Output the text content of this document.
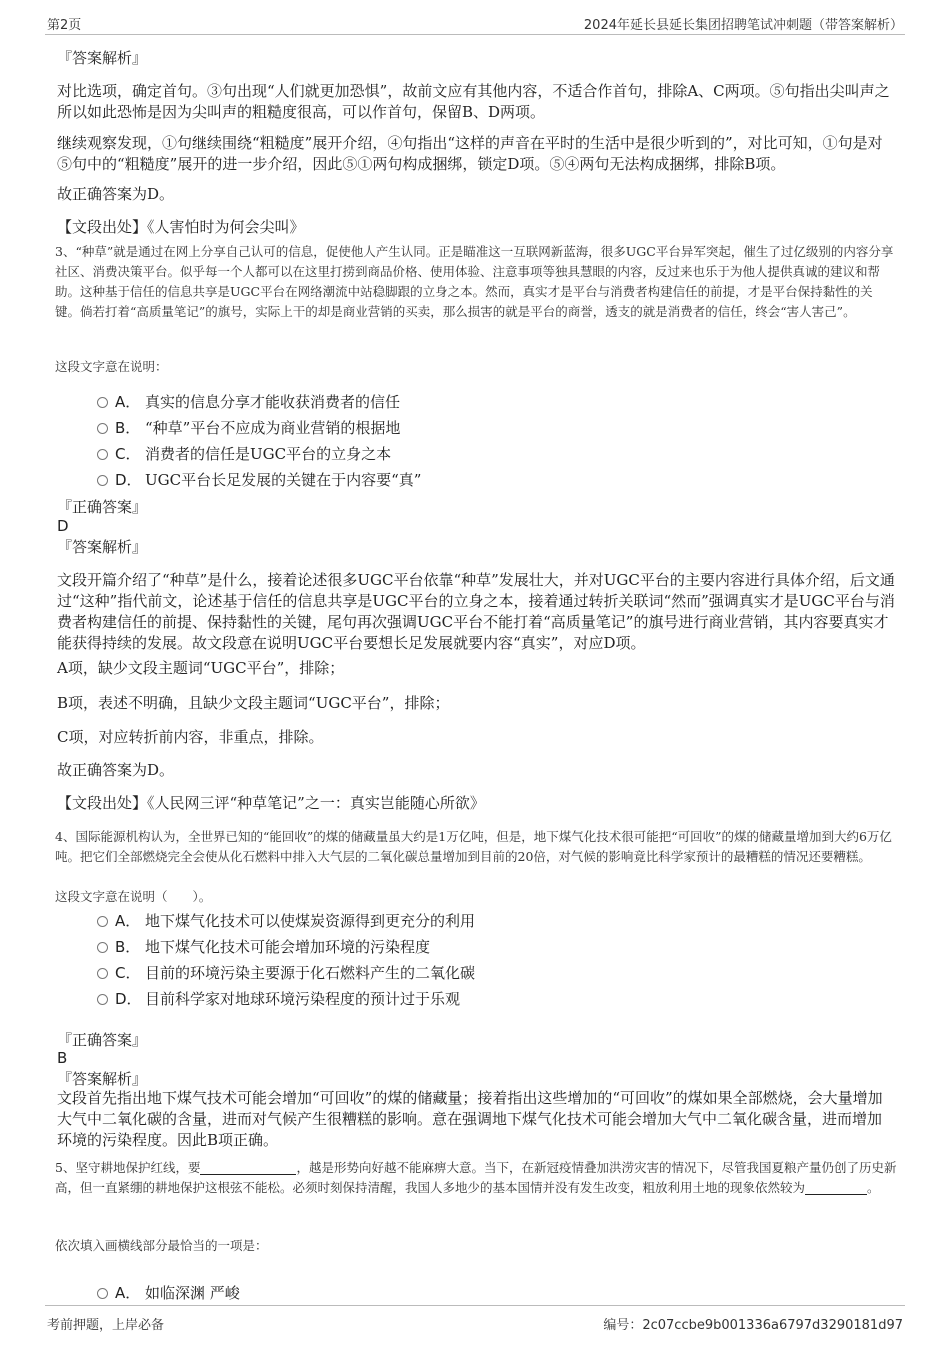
第2页	2024年延长县延长集团招聘笔试冲刺题（带答案解析）
『答案解析』
对比选项，确定首句。③句出现“人们就更加恐惧”，故前文应有其他内容，不适合作首句，排除A、C两项。⑤句指出尖叫声之所以如此恐怖是因为尖叫声的粗糙度很高，可以作首句，保留B、D两项。
继续观察发现，①句继续围绕“粗糙度”展开介绍，④句指出“这样的声音在平时的生活中是很少听到的”，对比可知，①句是对⑤句中的“粗糙度”展开的进一步介绍，因此⑤①两句构成捆绑，锁定D项。⑤④两句无法构成捆绑，排除B项。
故正确答案为D。
【文段出处】《人害怕时为何会尖叫》
3、“种草”就是通过在网上分享自己认可的信息，促使他人产生认同。正是瞄准这一互联网新蓝海，很多UGC平台异军突起，催生了过亿级别的内容分享社区、消费决策平台。似乎每一个人都可以在这里打捞到商品价格、使用体验、注意事项等独具慧眼的内容，反过来也乐于为他人提供真诚的建议和帮助。这种基于信任的信息共享是UGC平台在网络潮流中站稳脚跟的立身之本。然而，真实才是平台与消费者构建信任的前提，才是平台保持黏性的关键。倘若打着“高质量笔记”的旗号，实际上干的却是商业营销的买卖，那么损害的就是平台的商誉，透支的就是消费者的信任，终会“害人害己”。
这段文字意在说明：
A． 真实的信息分享才能收获消费者的信任
B． “种草”平台不应成为商业营销的根据地
C． 消费者的信任是UGC平台的立身之本
D． UGC平台长足发展的关键在于内容要“真”
『正确答案』
D
『答案解析』
文段开篇介绍了“种草”是什么，接着论述很多UGC平台依靠“种草”发展壮大，并对UGC平台的主要内容进行具体介绍，后文通过“这种”指代前文，论述基于信任的信息共享是UGC平台的立身之本，接着通过转折关联词“然而”强调真实才是UGC平台与消费者构建信任的前提、保持黏性的关键，尾句再次强调UGC平台不能打着“高质量笔记”的旗号进行商业营销，其内容要真实才能获得持续的发展。故文段意在说明UGC平台要想长足发展就要内容“真实”，对应D项。
A项，缺少文段主题词“UGC平台”，排除；
B项，表述不明确，且缺少文段主题词“UGC平台”，排除；
C项，对应转折前内容，非重点，排除。
故正确答案为D。
【文段出处】《人民网三评“种草笔记”之一：真实岂能随心所欲》
4、国际能源机构认为，全世界已知的“能回收”的煤的储藏量虽大约是1万亿吨，但是，地下煤气化技术很可能把“可回收”的煤的储藏量增加到大约6万亿吨。把它们全部燃烧完全会使从化石燃料中排入大气层的二氧化碳总量增加到目前的20倍，对气候的影响竟比科学家预计的最糟糕的情况还要糟糕。
这段文字意在说明（　　）。
A． 地下煤气化技术可以使煤炭资源得到更充分的利用
B． 地下煤气化技术可能会增加环境的污染程度
C． 目前的环境污染主要源于化石燃料产生的二氧化碳
D． 目前科学家对地球环境污染程度的预计过于乐观
『正确答案』
B
『答案解析』
文段首先指出地下煤气技术可能会增加“可回收”的煤的储藏量；接着指出这些增加的“可回收”的煤如果全部燃烧，会大量增加大气中二氧化碳的含量，进而对气候产生很糟糕的影响。意在强调地下煤气化技术可能会增加大气中二氧化碳含量，进而增加环境的污染程度。因此B项正确。
5、坚守耕地保护红线，要	，越是形势向好越不能麻痹大意。当下，在新冠疫情叠加洪涝灾害的情况下，尽管我国夏粮产量仍创了历史新高，但一直紧绷的耕地保护这根弦不能松。必须时刻保持清醒，我国人多地少的基本国情并没有发生改变，粗放利用土地的现象依然较为	。
依次填入画横线部分最恰当的一项是：
A． 如临深渊 严峻
考前押题，上岸必备	编号：2c07ccbe9b001336a6797d3290181d97
